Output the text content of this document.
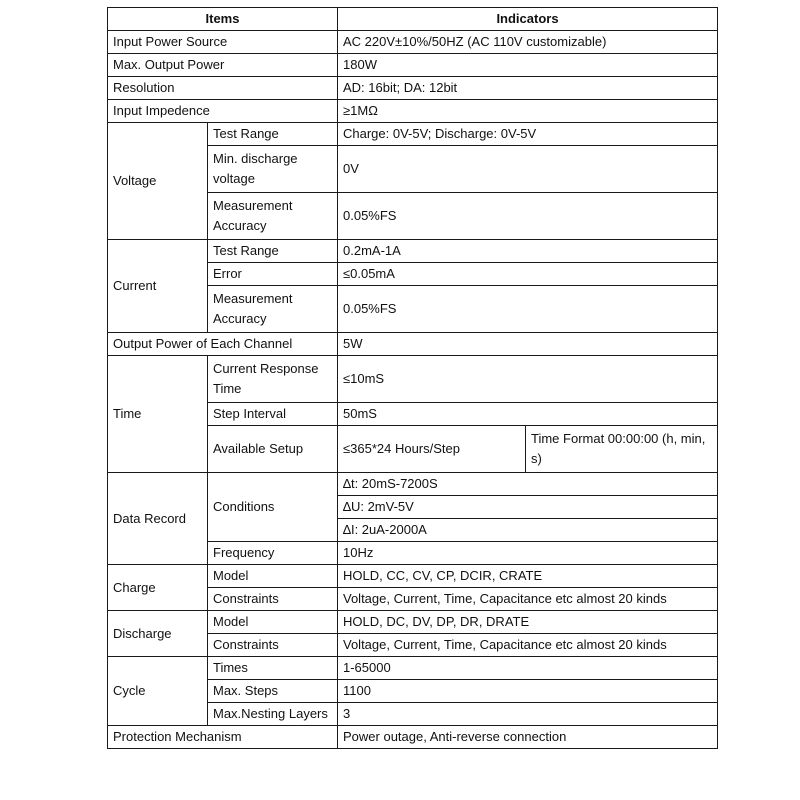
Items		Indicators	
Input Power Source		AC 220V±10%/50HZ (AC 110V customizable)	
Max. Output Power		180W	
Resolution		AD: 16bit; DA: 12bit	
Input Impedence		≥1MΩ	
Voltage	Test Range	Charge: 0V-5V; Discharge: 0V-5V	
	Min. discharge voltage	0V	
	Measurement Accuracy	0.05%FS	
Current	Test Range	0.2mA-1A	
	Error	≤0.05mA	
	Measurement Accuracy	0.05%FS	
Output Power of Each Channel		5W	
Time	Current Response Time	≤10mS	
	Step Interval	50mS	
	Available Setup	≤365*24 Hours/Step	Time Format 00:00:00 (h, min, s)
Data Record	Conditions	∆t: 20mS-7200S	
		∆U: 2mV-5V	
		∆I: 2uA-2000A	
	Frequency	10Hz	
Charge	Model	HOLD, CC, CV, CP, DCIR, CRATE	
	Constraints	Voltage, Current, Time, Capacitance etc almost 20 kinds	
Discharge	Model	HOLD, DC, DV, DP, DR, DRATE	
	Constraints	Voltage, Current, Time, Capacitance etc almost 20 kinds	
Cycle	Times	1-65000	
	Max. Steps	1100	
	Max.Nesting Layers	3	
Protection Mechanism		Power outage, Anti-reverse connection	
